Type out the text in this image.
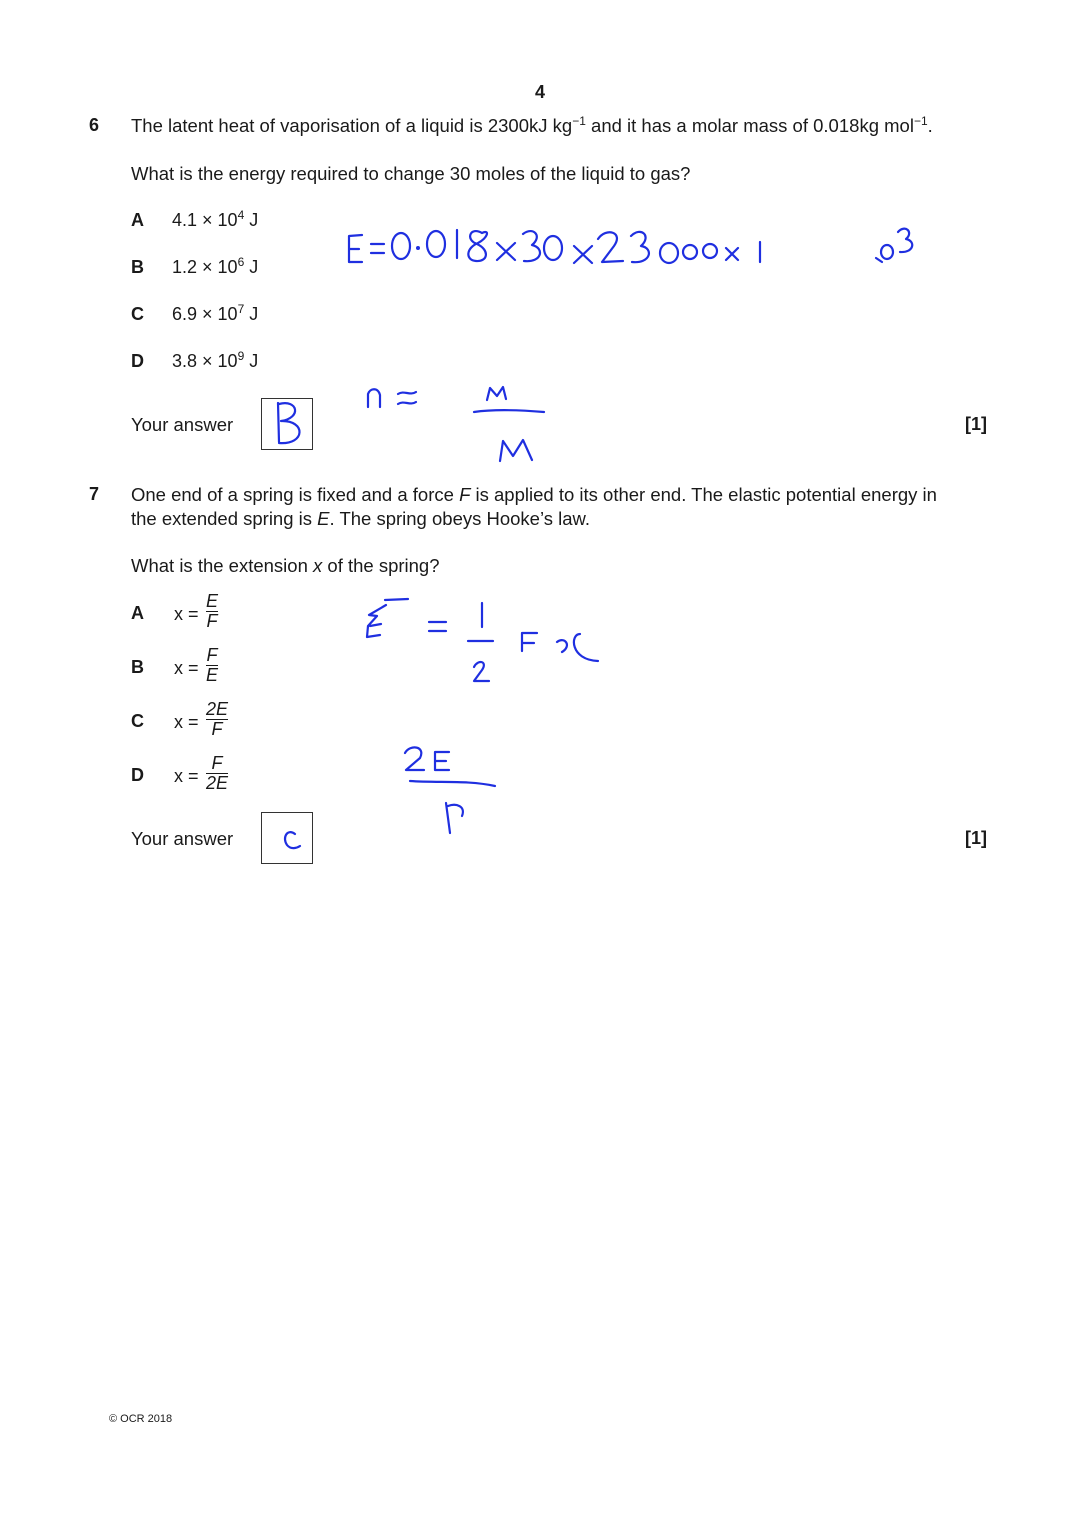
4
6 The latent heat of vaporisation of a liquid is 2300kJ $kg^{-1}$ and it has a molar mass of 0.018kg mol$^{-1}$.
What is the energy required to change 30 moles of the liquid to gas?
A $4.1 \times 10^4$ J
B $1.2 \times 10^6$ J
C $6.9 \times 10^7$ J
D $3.8 \times 10^9$ J
Your answer	[1]
7 One end of a spring is fixed and a force F is applied to its other end. The elastic potential energy in
the extended spring is E. The spring obeys Hooke’s law.
What is the extension x of the spring?
A x =
E
F
B x =
F
E
C x =
2E
F
D x =
F
2E
Your answer	[1]
© OCR 2018
